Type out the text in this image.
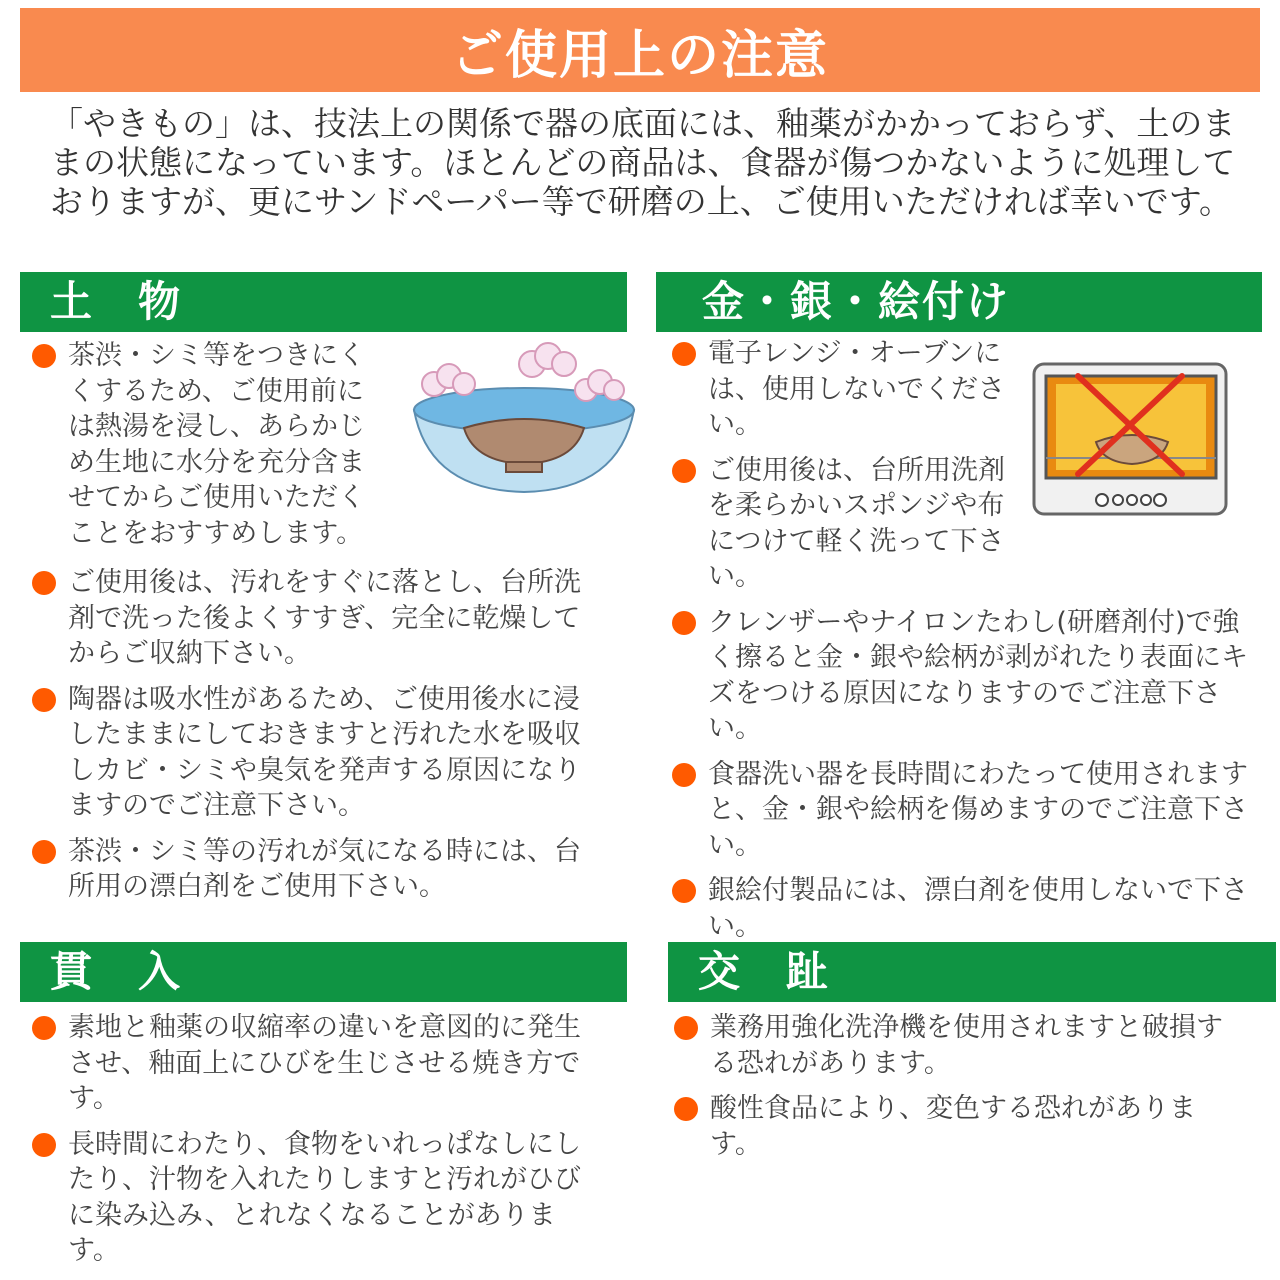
ご使用上の注意

「やきもの」は、技法上の関係で器の底面には、釉薬がかかっておらず、土のままの状態になっています。ほとんどの商品は、食器が傷つかないように処理しておりますが、更にサンドペーパー等で研磨の上、ご使用いただければ幸いです。

土　物
茶渋・シミ等をつきにくくするため、ご使用前には熱湯を浸し、あらかじめ生地に水分を充分含ませてからご使用いただくことをおすすめします。
ご使用後は、汚れをすぐに落とし、台所洗剤で洗った後よくすすぎ、完全に乾燥してからご収納下さい。
陶器は吸水性があるため、ご使用後水に浸したままにしておきますと汚れた水を吸収しカビ・シミや臭気を発声する原因になりますのでご注意下さい。
茶渋・シミ等の汚れが気になる時には、台所用の漂白剤をご使用下さい。
金・銀・絵付け
電子レンジ・オーブンには、使用しないでください。
ご使用後は、台所用洗剤を柔らかいスポンジや布につけて軽く洗って下さい。
クレンザーやナイロンたわし(研磨剤付)で強く擦ると金・銀や絵柄が剥がれたり表面にキズをつける原因になりますのでご注意下さい。
食器洗い器を長時間にわたって使用されますと、金・銀や絵柄を傷めますのでご注意下さい。
銀絵付製品には、漂白剤を使用しないで下さい。
貫　入
素地と釉薬の収縮率の違いを意図的に発生させ、釉面上にひびを生じさせる焼き方です。
長時間にわたり、食物をいれっぱなしにしたり、汁物を入れたりしますと汚れがひびに染み込み、とれなくなることがあります。
交　趾
業務用強化洗浄機を使用されますと破損する恐れがあります。
酸性食品により、変色する恐れがあります。
